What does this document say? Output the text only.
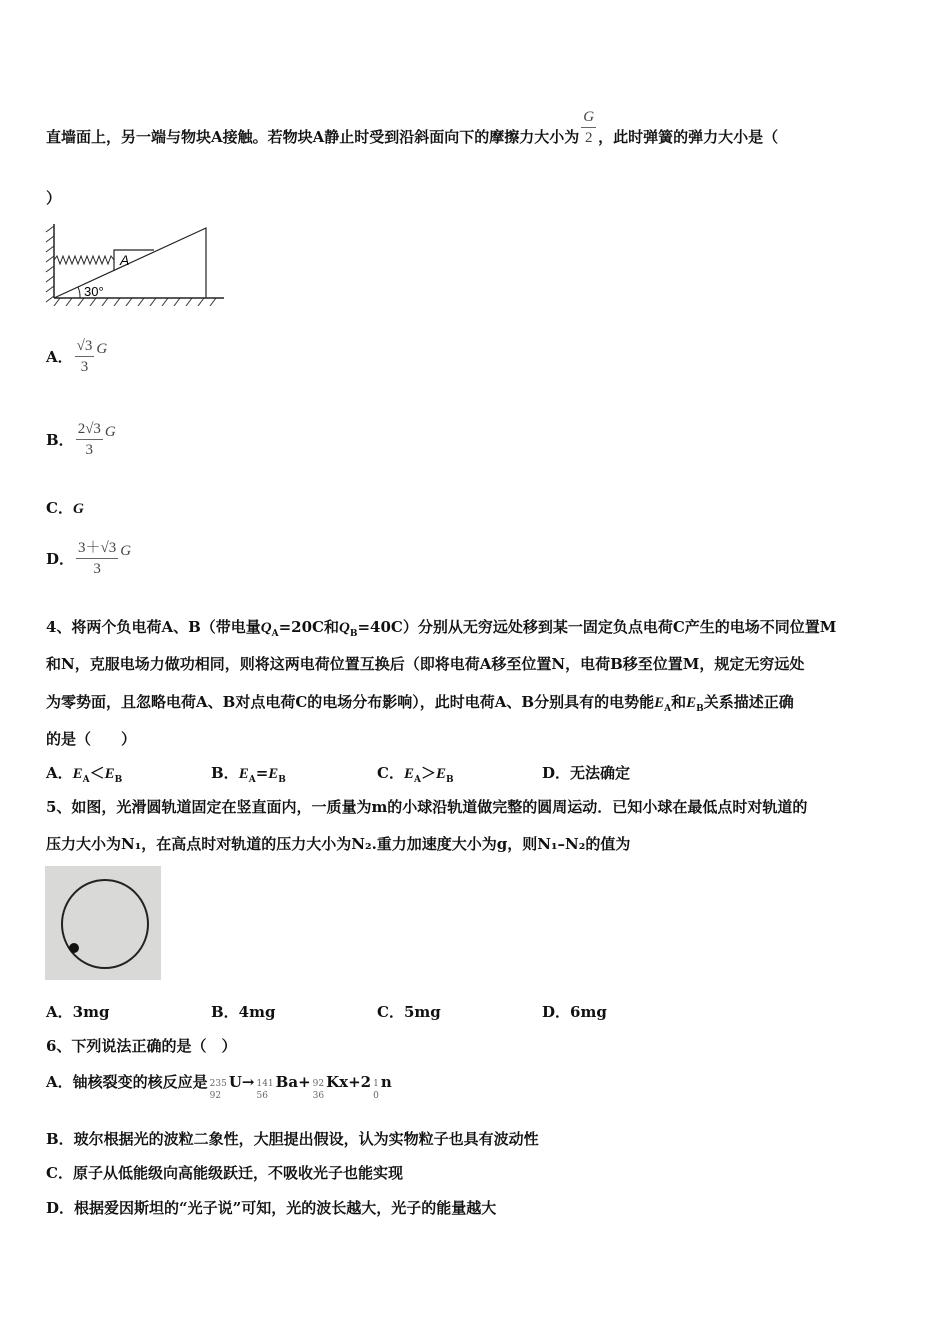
直墙面上，另一端与物块A接触。若物块A静止时受到沿斜面向下的摩擦力大小为 $\frac{G}{2}$ ，此时弹簧的弹力大小是（
）
A
30°
A． $\frac{√3}{3}$ G
B． $\frac{2√3}{3}$ G
C．G
D． $\frac{3+√3}{3}$ G
4、将两个负电荷A、B（带电量$Q_A=20C$和$Q_B=40C$）分别从无穷远处移到某一固定负点电荷C产生的电场不同位置M
和N，克服电场力做功相同，则将这两电荷位置互换后（即将电荷A移至位置N，电荷B移至位置M，规定无穷远处
为零势面，且忽略电荷A、B对点电荷C的电场分布影响），此时电荷A、B分别具有的电势能$E_A$和$E_B$关系描述正确
的是（　　）
A．$E_A<E_B$	B．$E_A=E_B$	C．$E_A>E_B$	D．无法确定
5、如图，光滑圆轨道固定在竖直面内，一质量为m的小球沿轨道做完整的圆周运动．已知小球在最低点时对轨道的
压力大小为N₁，在高点时对轨道的压力大小为N₂.重力加速度大小为g，则N₁–N₂的值为
A．3mg	B．4mg	C．5mg	D．6mg
6、下列说法正确的是（　）
A．铀核裂变的核反应是 235
92
U→ 141
56
Ba+ 92
36
Kx+2 1
0
n
B．玻尔根据光的波粒二象性，大胆提出假设，认为实物粒子也具有波动性
C．原子从低能级向高能级跃迁，不吸收光子也能实现
D．根据爱因斯坦的“光子说”可知，光的波长越大，光子的能量越大
